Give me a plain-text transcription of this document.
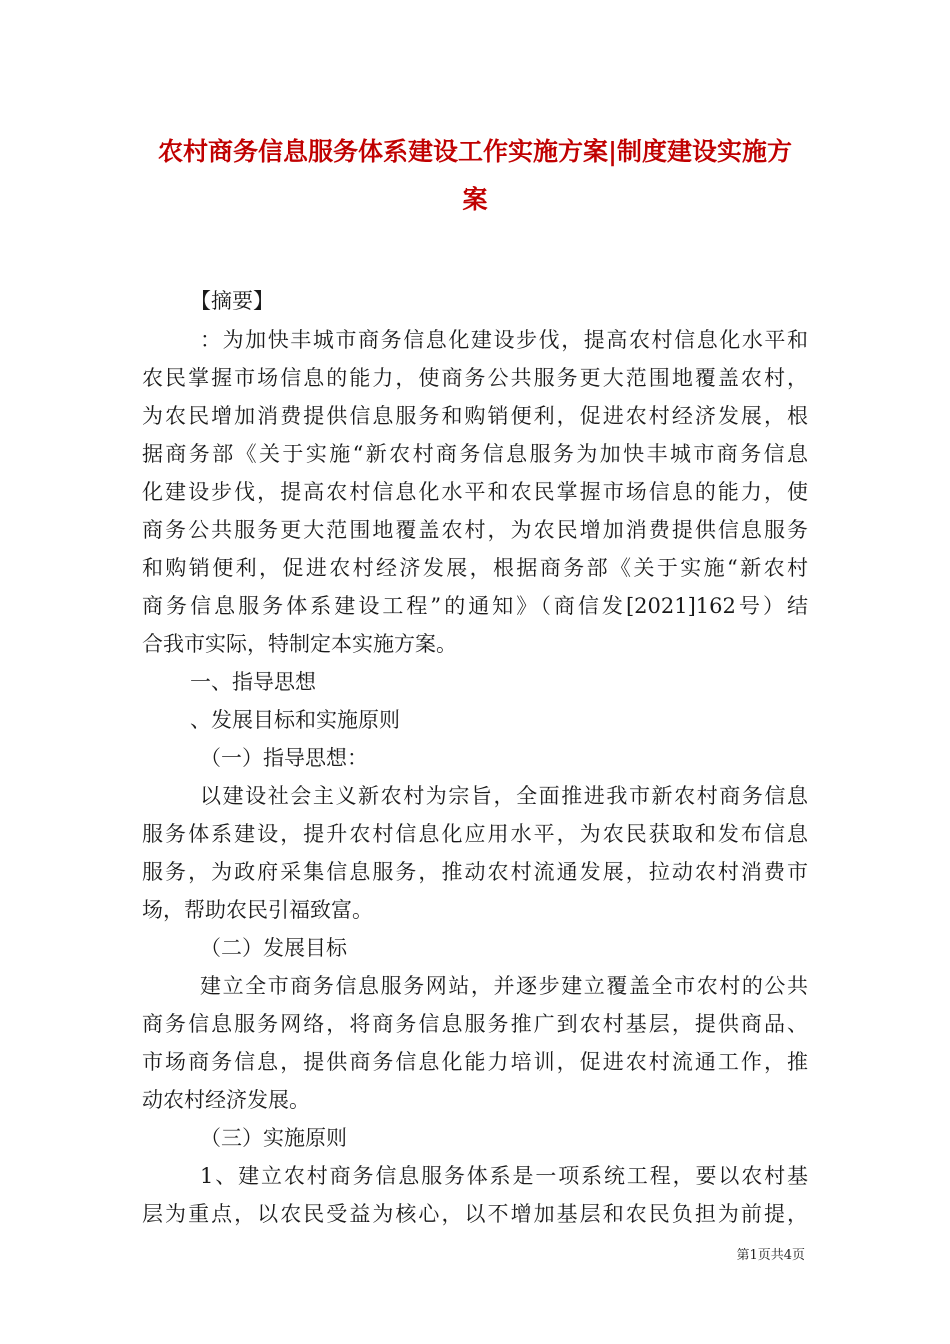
农村商务信息服务体系建设工作实施方案|制度建设实施方
案

【摘要】

：为加快丰城市商务信息化建设步伐，提高农村信息化水平和

农民掌握市场信息的能力，使商务公共服务更大范围地覆盖农村，

为农民增加消费提供信息服务和购销便利，促进农村经济发展，根

据商务部《关于实施“新农村商务信息服务为加快丰城市商务信息

化建设步伐，提高农村信息化水平和农民掌握市场信息的能力，使

商务公共服务更大范围地覆盖农村，为农民增加消费提供信息服务

和购销便利，促进农村经济发展，根据商务部《关于实施“新农村

商务信息服务体系建设工程”的通知》（商信发[2021]162号）结

合我市实际，特制定本实施方案。

一、指导思想

、发展目标和实施原则

（一）指导思想：

以建设社会主义新农村为宗旨，全面推进我市新农村商务信息

服务体系建设，提升农村信息化应用水平，为农民获取和发布信息

服务，为政府采集信息服务，推动农村流通发展，拉动农村消费市

场，帮助农民引福致富。

（二）发展目标

建立全市商务信息服务网站，并逐步建立覆盖全市农村的公共

商务信息服务网络，将商务信息服务推广到农村基层，提供商品、

市场商务信息，提供商务信息化能力培训，促进农村流通工作，推

动农村经济发展。

（三）实施原则

1、建立农村商务信息服务体系是一项系统工程，要以农村基

层为重点，以农民受益为核心，以不增加基层和农民负担为前提，

第1页共4页
